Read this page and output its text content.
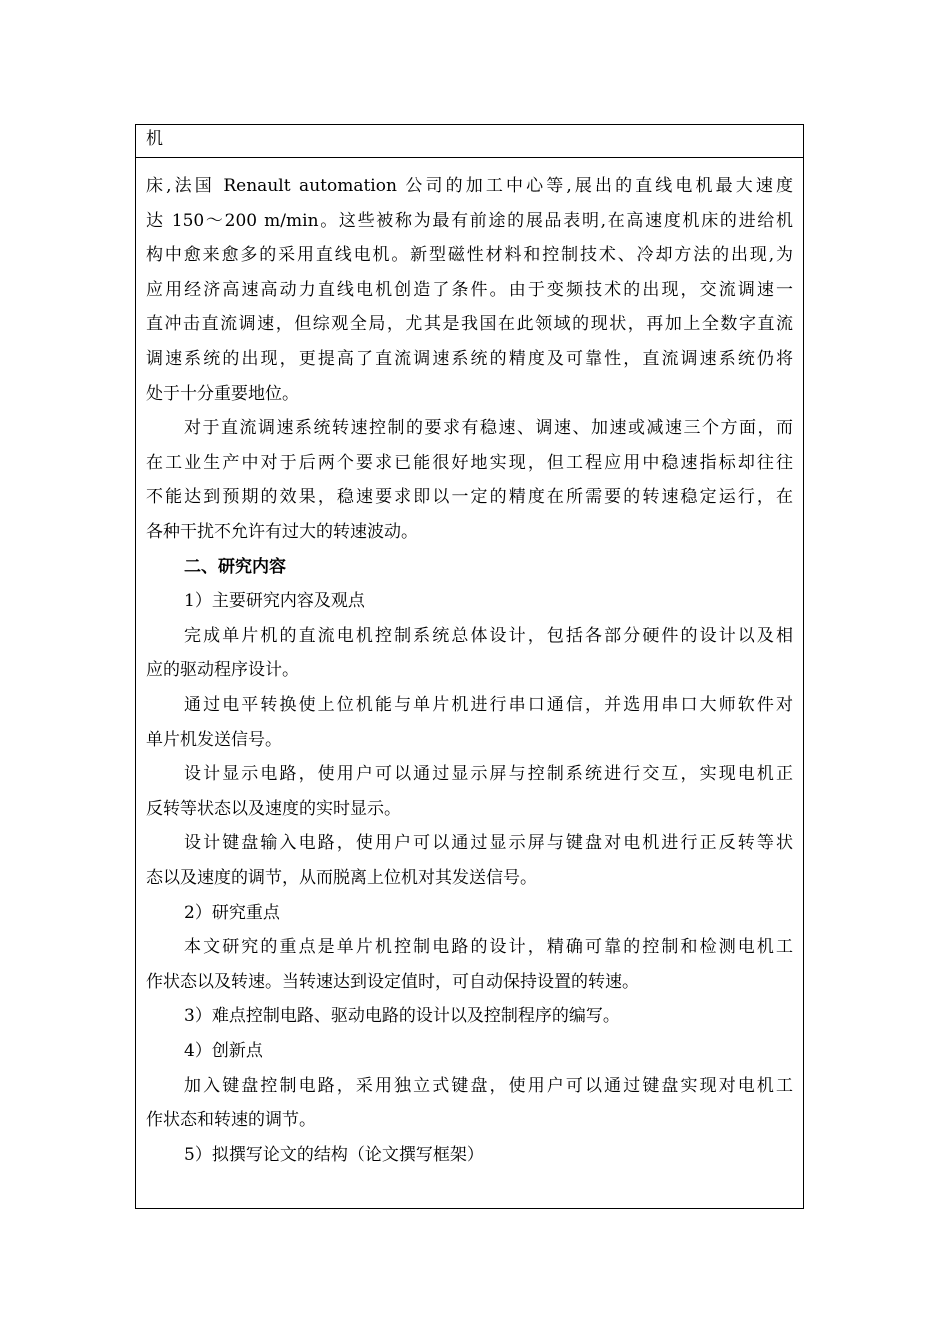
机
床,法国 Renault automation 公司的加工中心等,展出的直线电机最大速度
达 150～200 m/min。这些被称为最有前途的展品表明,在高速度机床的进给机
构中愈来愈多的采用直线电机。新型磁性材料和控制技术、冷却方法的出现,为
应用经济高速高动力直线电机创造了条件。由于变频技术的出现，交流调速一
直冲击直流调速，但综观全局，尤其是我国在此领域的现状，再加上全数字直流
调速系统的出现，更提高了直流调速系统的精度及可靠性，直流调速系统仍将
处于十分重要地位。
对于直流调速系统转速控制的要求有稳速、调速、加速或减速三个方面，而
在工业生产中对于后两个要求已能很好地实现，但工程应用中稳速指标却往往
不能达到预期的效果，稳速要求即以一定的精度在所需要的转速稳定运行，在
各种干扰不允许有过大的转速波动。
二、研究内容
1）主要研究内容及观点
完成单片机的直流电机控制系统总体设计，包括各部分硬件的设计以及相
应的驱动程序设计。
通过电平转换使上位机能与单片机进行串口通信，并选用串口大师软件对
单片机发送信号。
设计显示电路，使用户可以通过显示屏与控制系统进行交互，实现电机正
反转等状态以及速度的实时显示。
设计键盘输入电路，使用户可以通过显示屏与键盘对电机进行正反转等状
态以及速度的调节，从而脱离上位机对其发送信号。
2）研究重点
本文研究的重点是单片机控制电路的设计，精确可靠的控制和检测电机工
作状态以及转速。当转速达到设定值时，可自动保持设置的转速。
3）难点控制电路、驱动电路的设计以及控制程序的编写。
4）创新点
加入键盘控制电路，采用独立式键盘，使用户可以通过键盘实现对电机工
作状态和转速的调节。
5）拟撰写论文的结构（论文撰写框架）
